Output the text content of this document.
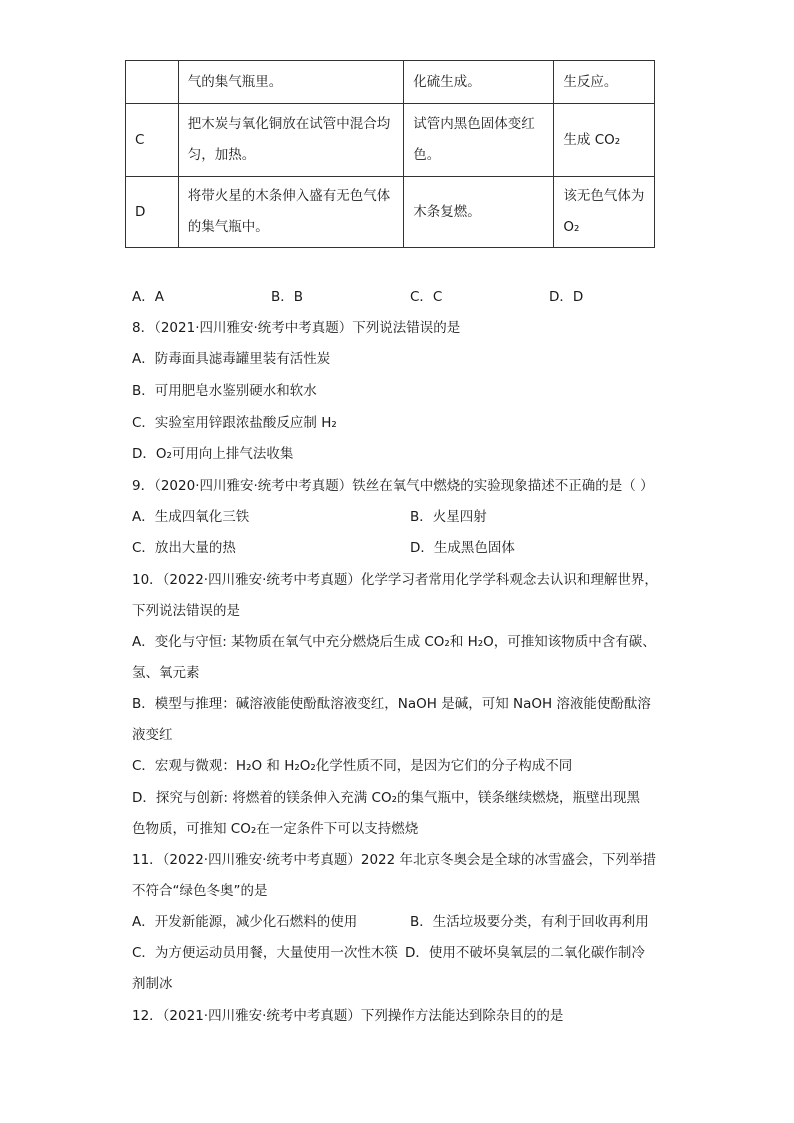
	气的集气瓶里。	化硫生成。	生反应。
C	把木炭与氧化铜放在试管中混合均匀，加热。	试管内黑色固体变红色。	生成 CO₂
D	将带火星的木条伸入盛有无色气体的集气瓶中。	木条复燃。	该无色气体为O₂
A．A	B．B	C．C	D．D
8．（2021·四川雅安·统考中考真题）下列说法错误的是
A．防毒面具滤毒罐里装有活性炭
B．可用肥皂水鉴别硬水和软水
C．实验室用锌跟浓盐酸反应制 H₂
D．O₂可用向上排气法收集
9．（2020·四川雅安·统考中考真题）铁丝在氧气中燃烧的实验现象描述不正确的是（ ）
A．生成四氧化三铁	B．火星四射
C．放出大量的热	D．生成黑色固体
10．（2022·四川雅安·统考中考真题）化学学习者常用化学学科观念去认识和理解世界，
下列说法错误的是
A．变化与守恒: 某物质在氧气中充分燃烧后生成 CO₂和 H₂O，可推知该物质中含有碳、
氢、氧元素
B．模型与推理：碱溶液能使酚酞溶液变红，NaOH 是碱，可知 NaOH 溶液能使酚酞溶
液变红
C．宏观与微观：H₂O 和 H₂O₂化学性质不同，是因为它们的分子构成不同
D．探究与创新: 将燃着的镁条伸入充满 CO₂的集气瓶中，镁条继续燃烧，瓶壁出现黑
色物质，可推知 CO₂在一定条件下可以支持燃烧
11．（2022·四川雅安·统考中考真题）2022 年北京冬奥会是全球的冰雪盛会，下列举措
不符合“绿色冬奥”的是
A．开发新能源，减少化石燃料的使用	B．生活垃圾要分类，有利于回收再利用
C．为方便运动员用餐，大量使用一次性木筷 D．使用不破坏臭氧层的二氧化碳作制冷
剂制冰
12．（2021·四川雅安·统考中考真题）下列操作方法能达到除杂目的的是
